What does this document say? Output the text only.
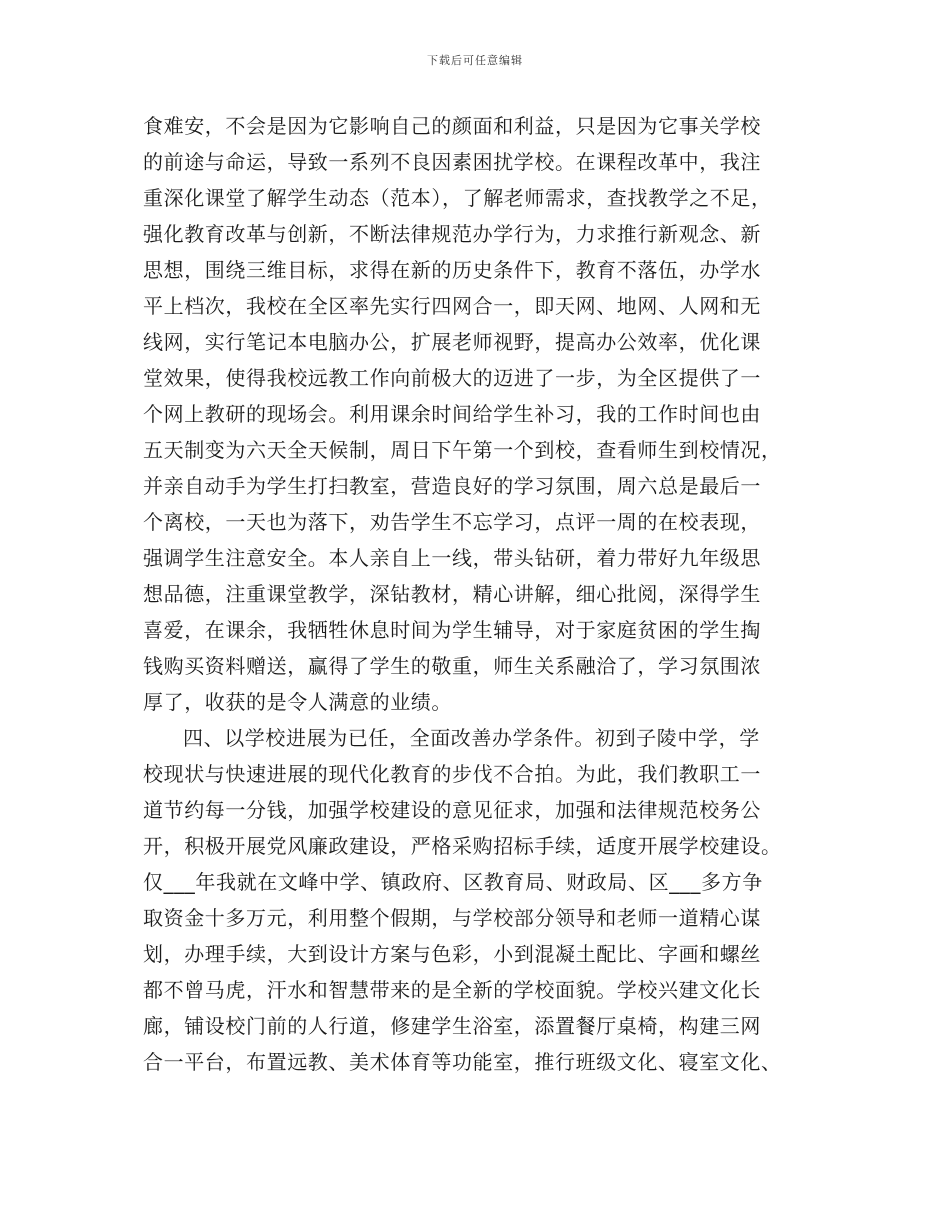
下载后可任意编辑
食难安，不会是因为它影响自己的颜面和利益，只是因为它事关学校
的前途与命运，导致一系列不良因素困扰学校。在课程改革中，我注
重深化课堂了解学生动态（范本），了解老师需求，查找教学之不足，
强化教育改革与创新，不断法律规范办学行为，力求推行新观念、新
思想，围绕三维目标，求得在新的历史条件下，教育不落伍，办学水
平上档次，我校在全区率先实行四网合一，即天网、地网、人网和无
线网，实行笔记本电脑办公，扩展老师视野，提高办公效率，优化课
堂效果，使得我校远教工作向前极大的迈进了一步，为全区提供了一
个网上教研的现场会。利用课余时间给学生补习，我的工作时间也由
五天制变为六天全天候制，周日下午第一个到校，查看师生到校情况，
并亲自动手为学生打扫教室，营造良好的学习氛围，周六总是最后一
个离校，一天也为落下，劝告学生不忘学习，点评一周的在校表现，
强调学生注意安全。本人亲自上一线，带头钻研，着力带好九年级思
想品德，注重课堂教学，深钻教材，精心讲解，细心批阅，深得学生
喜爱，在课余，我牺牲休息时间为学生辅导，对于家庭贫困的学生掏
钱购买资料赠送，赢得了学生的敬重，师生关系融洽了，学习氛围浓
厚了，收获的是令人满意的业绩。
四、以学校进展为已任，全面改善办学条件。初到子陵中学，学
校现状与快速进展的现代化教育的步伐不合拍。为此，我们教职工一
道节约每一分钱，加强学校建设的意见征求，加强和法律规范校务公
开，积极开展党风廉政建设，严格采购招标手续，适度开展学校建设。
仅___年我就在文峰中学、镇政府、区教育局、财政局、区___多方争
取资金十多万元，利用整个假期，与学校部分领导和老师一道精心谋
划，办理手续，大到设计方案与色彩，小到混凝土配比、字画和螺丝
都不曾马虎，汗水和智慧带来的是全新的学校面貌。学校兴建文化长
廊，铺设校门前的人行道，修建学生浴室，添置餐厅桌椅，构建三网
合一平台，布置远教、美术体育等功能室，推行班级文化、寝室文化、
